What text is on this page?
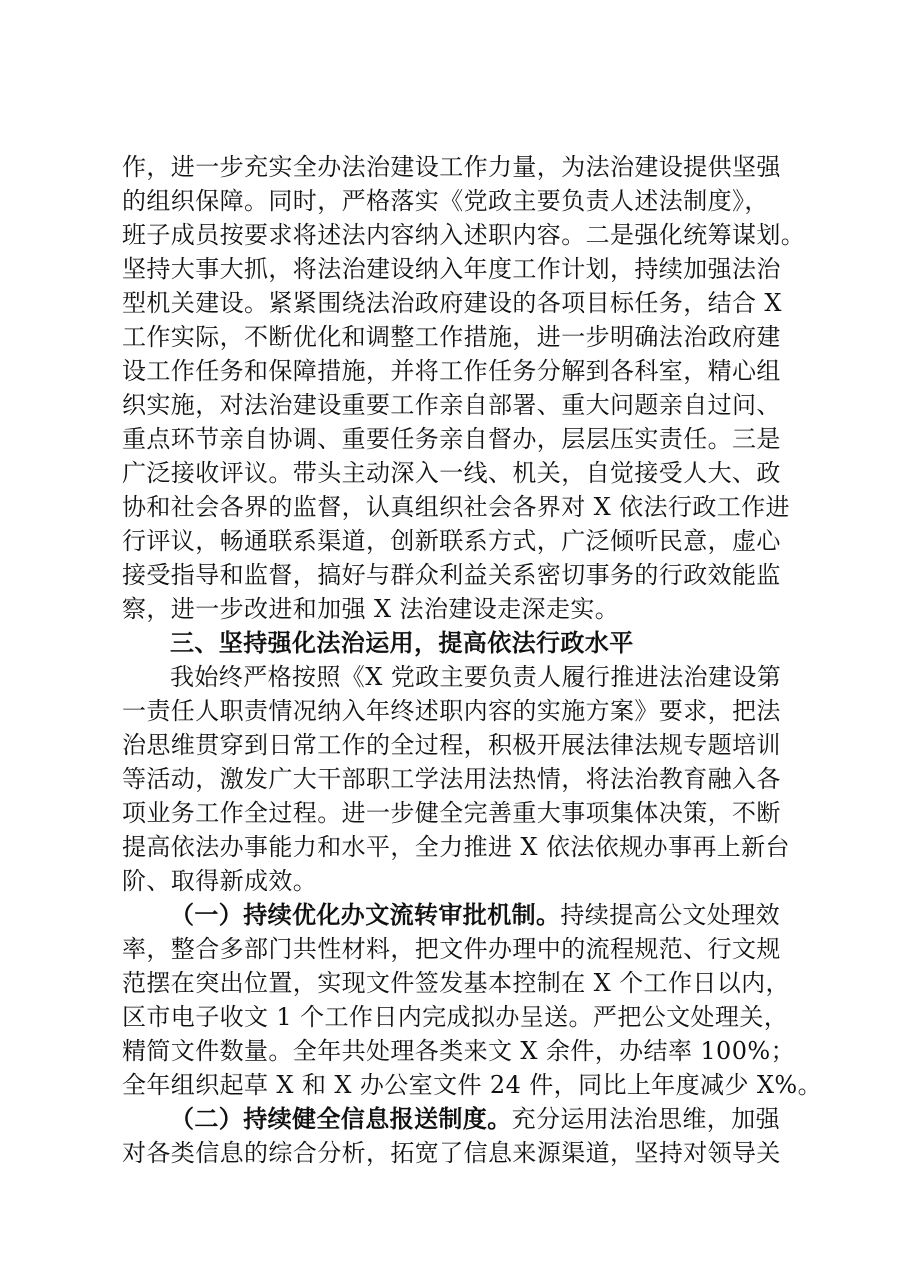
作，进一步充实全办法治建设工作力量，为法治建设提供坚强

的组织保障。同时，严格落实《党政主要负责人述法制度》，

班子成员按要求将述法内容纳入述职内容。二是强化统筹谋划。

坚持大事大抓，将法治建设纳入年度工作计划，持续加强法治

型机关建设。紧紧围绕法治政府建设的各项目标任务，结合 X

工作实际，不断优化和调整工作措施，进一步明确法治政府建

设工作任务和保障措施，并将工作任务分解到各科室，精心组

织实施，对法治建设重要工作亲自部署、重大问题亲自过问、

重点环节亲自协调、重要任务亲自督办，层层压实责任。三是

广泛接收评议。带头主动深入一线、机关，自觉接受人大、政

协和社会各界的监督，认真组织社会各界对 X 依法行政工作进

行评议，畅通联系渠道，创新联系方式，广泛倾听民意，虚心

接受指导和监督，搞好与群众利益关系密切事务的行政效能监

察，进一步改进和加强 X 法治建设走深走实。

三、坚持强化法治运用，提高依法行政水平

我始终严格按照《X 党政主要负责人履行推进法治建设第

一责任人职责情况纳入年终述职内容的实施方案》要求，把法

治思维贯穿到日常工作的全过程，积极开展法律法规专题培训

等活动，激发广大干部职工学法用法热情，将法治教育融入各

项业务工作全过程。进一步健全完善重大事项集体决策，不断

提高依法办事能力和水平，全力推进 X 依法依规办事再上新台

阶、取得新成效。

（一）持续优化办文流转审批机制。持续提高公文处理效

率，整合多部门共性材料，把文件办理中的流程规范、行文规

范摆在突出位置，实现文件签发基本控制在 X 个工作日以内，

区市电子收文 1 个工作日内完成拟办呈送。严把公文处理关，

精简文件数量。全年共处理各类来文 X 余件，办结率 100%；

全年组织起草 X 和 X 办公室文件 24 件，同比上年度减少 X%。

（二）持续健全信息报送制度。充分运用法治思维，加强

对各类信息的综合分析，拓宽了信息来源渠道，坚持对领导关
